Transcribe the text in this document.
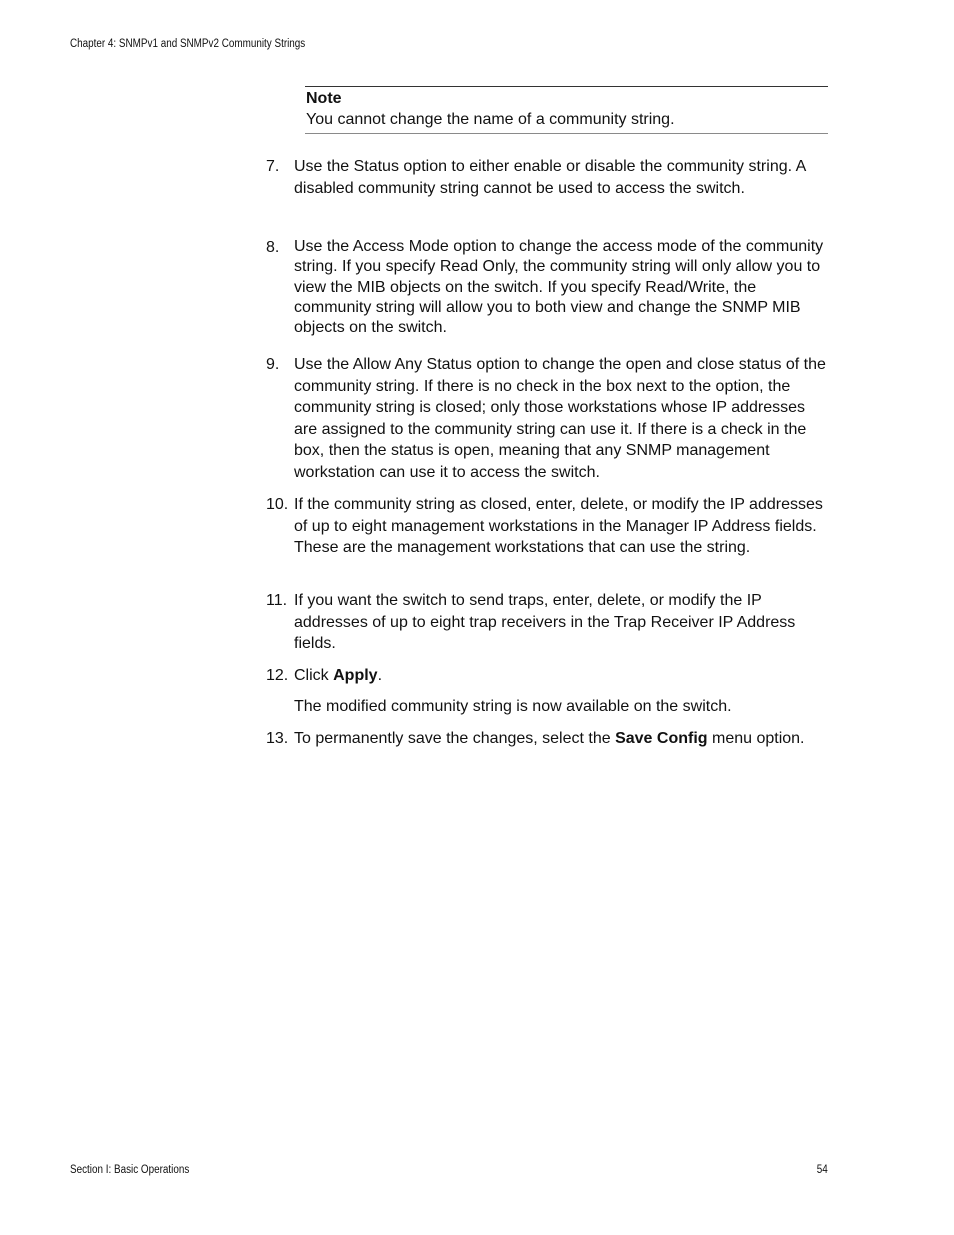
Chapter 4: SNMPv1 and SNMPv2 Community Strings
Note
You cannot change the name of a community string.
7. Use the Status option to either enable or disable the community string. A disabled community string cannot be used to access the switch.
8. Use the Access Mode option to change the access mode of the community string. If you specify Read Only, the community string will only allow you to view the MIB objects on the switch. If you specify Read/Write, the community string will allow you to both view and change the SNMP MIB objects on the switch.
9. Use the Allow Any Status option to change the open and close status of the community string. If there is no check in the box next to the option, the community string is closed; only those workstations whose IP addresses are assigned to the community string can use it. If there is a check in the box, then the status is open, meaning that any SNMP management workstation can use it to access the switch.
10. If the community string as closed, enter, delete, or modify the IP addresses of up to eight management workstations in the Manager IP Address fields. These are the management workstations that can use the string.
11. If you want the switch to send traps, enter, delete, or modify the IP addresses of up to eight trap receivers in the Trap Receiver IP Address fields.
12. Click Apply.
13. To permanently save the changes, select the Save Config menu option.
The modified community string is now available on the switch.
Section I: Basic Operations	54
